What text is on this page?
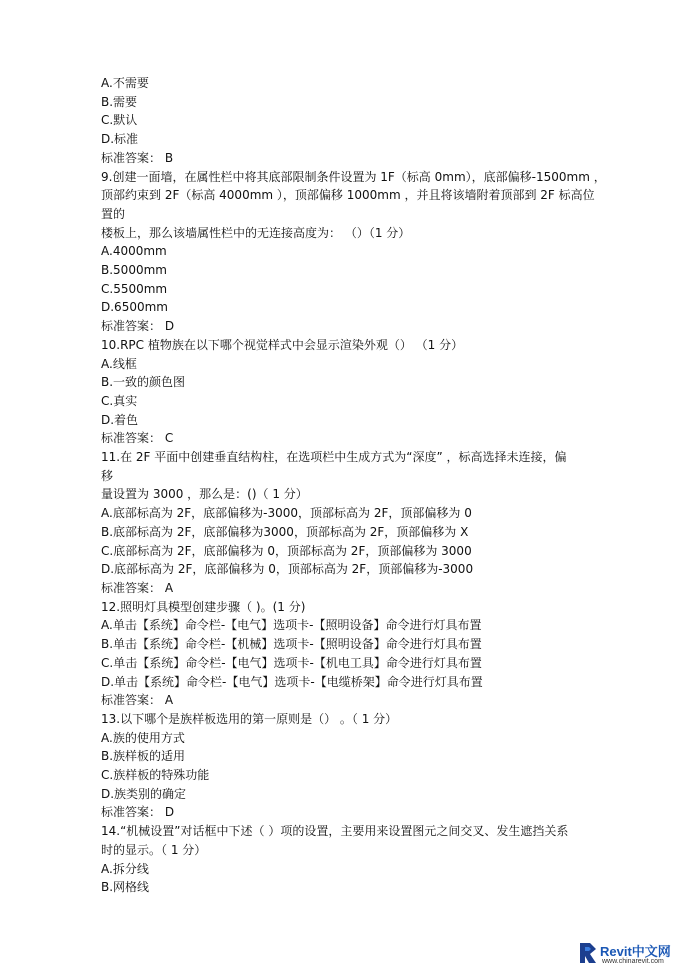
A.不需要
B.需要
C.默认
D.标准
标准答案： B
9.创建一面墙，在属性栏中将其底部限制条件设置为 1F（标高 0mm），底部偏移-1500mm ，
顶部约束到 2F（标高 4000mm ），顶部偏移 1000mm ，并且将该墙附着顶部到 2F 标高位
置的
楼板上，那么该墙属性栏中的无连接高度为： （）（1 分）
A.4000mm
B.5000mm
C.5500mm
D.6500mm
标准答案： D
10.RPC 植物族在以下哪个视觉样式中会显示渲染外观（） （1 分）
A.线框
B.一致的颜色图
C.真实
D.着色
标准答案： C
11.在 2F 平面中创建垂直结构柱，在选项栏中生成方式为“深度” ，标高选择未连接，偏
移
量设置为 3000 ，那么是：()（ 1 分）
A.底部标高为 2F，底部偏移为-3000，顶部标高为 2F，顶部偏移为 0
B.底部标高为 2F，底部偏移为3000，顶部标高为 2F，顶部偏移为 X
C.底部标高为 2F，底部偏移为 0，顶部标高为 2F，顶部偏移为 3000
D.底部标高为 2F，底部偏移为 0，顶部标高为 2F，顶部偏移为-3000
标准答案： A
12.照明灯具模型创建步骤（ )。(1 分)
A.单击【系统】命令栏-【电气】选项卡-【照明设备】命令进行灯具布置
B.单击【系统】命令栏-【机械】选项卡-【照明设备】命令进行灯具布置
C.单击【系统】命令栏-【电气】选项卡-【机电工具】命令进行灯具布置
D.单击【系统】命令栏-【电气】选项卡-【电缆桥架】命令进行灯具布置
标准答案： A
13.以下哪个是族样板选用的第一原则是（） 。（ 1 分）
A.族的使用方式
B.族样板的适用
C.族样板的特殊功能
D.族类别的确定
标准答案： D
14.“机械设置”对话框中下述（ ）项的设置，主要用来设置图元之间交叉、发生遮挡关系
时的显示。（ 1 分）
A.拆分线
B.网格线
Revit中文网
www.chinarevit.com
